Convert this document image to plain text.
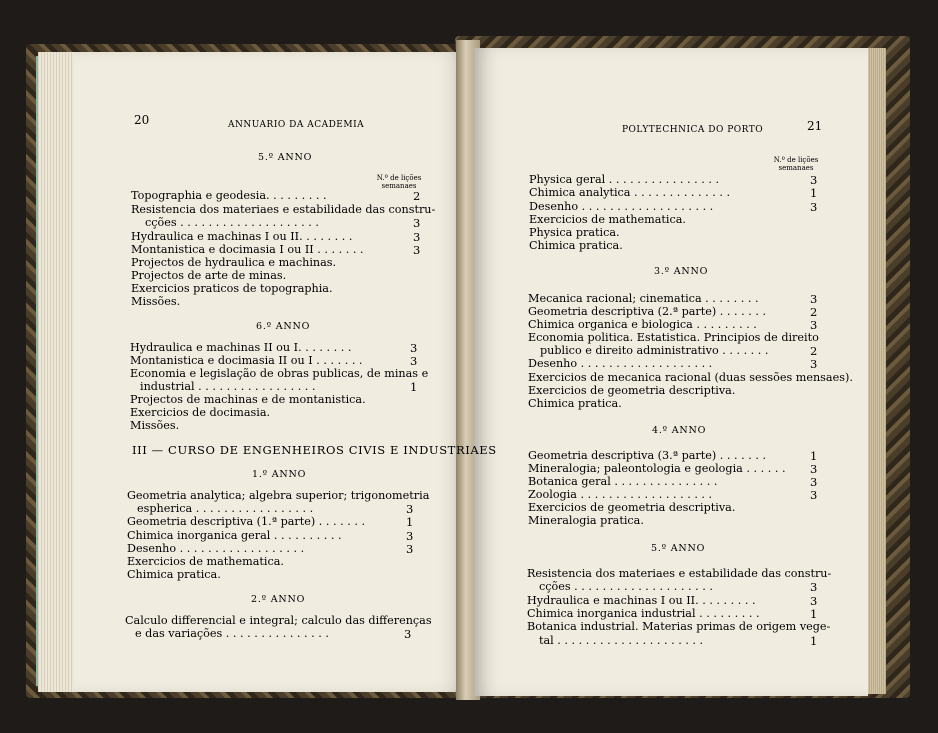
20	ANNUARIO DA ACADEMIA
5.º ANNO
N.º de lições semanaes
Topographia e geodesia. . . . . . . . .	2
Resistencia dos materiaes e estabilidade das constru-
cções . . . . . . . . . . . . . . . . . . . .	3
Hydraulica e machinas I ou II. . . . . . . .	3
Montanistica e docimasia I ou II . . . . . . .	3
Projectos de hydraulica e machinas.
Projectos de arte de minas.
Exercicios praticos de topographia.
Missões.
6.º ANNO
Hydraulica e machinas II ou I. . . . . . . .	3
Montanistica e docimasia II ou I . . . . . . .	3
Economia e legislação de obras publicas, de minas e
industrial . . . . . . . . . . . . . . . . .	1
Projectos de machinas e de montanistica.
Exercicios de docimasia.
Missões.
III — CURSO DE ENGENHEIROS CIVIS E INDUSTRIAES
1.º ANNO
Geometria analytica; algebra superior; trigonometria
espherica . . . . . . . . . . . . . . . . .	3
Geometria descriptiva (1.ª parte) . . . . . . .	1
Chimica inorganica geral . . . . . . . . . .	3
Desenho . . . . . . . . . . . . . . . . . .	3
Exercicios de mathematica.
Chimica pratica.
2.º ANNO
Calculo differencial e integral; calculo das differenças
e das variações . . . . . . . . . . . . . . .	3
POLYTECHNICA DO PORTO	21
N.º de lições semanaes
Physica geral . . . . . . . . . . . . . . . .	3
Chimica analytica . . . . . . . . . . . . . .	1
Desenho . . . . . . . . . . . . . . . . . . .	3
Exercicios de mathematica.
Physica pratica.
Chimica pratica.
3.º ANNO
Mecanica racional; cinematica . . . . . . . .	3
Geometria descriptiva (2.ª parte) . . . . . . .	2
Chimica organica e biologica . . . . . . . . .	3
Economia politica. Estatistica. Principios de direito
publico e direito administrativo . . . . . . .	2
Desenho . . . . . . . . . . . . . . . . . . .	3
Exercicios de mecanica racional (duas sessões mensaes).
Exercicios de geometria descriptiva.
Chimica pratica.
4.º ANNO
Geometria descriptiva (3.ª parte) . . . . . . .	1
Mineralogia; paleontologia e geologia . . . . . . 3
Botanica geral . . . . . . . . . . . . . . .	3
Zoologia . . . . . . . . . . . . . . . . . . .	3
Exercicios de geometria descriptiva.
Mineralogia pratica.
5.º ANNO
Resistencia dos materiaes e estabilidade das constru-
cções . . . . . . . . . . . . . . . . . . . .	3
Hydraulica e machinas I ou II. . . . . . . . .	3
Chimica inorganica industrial . . . . . . . . .	1
Botanica industrial. Materias primas de origem vege-
tal . . . . . . . . . . . . . . . . . . . . .	1
